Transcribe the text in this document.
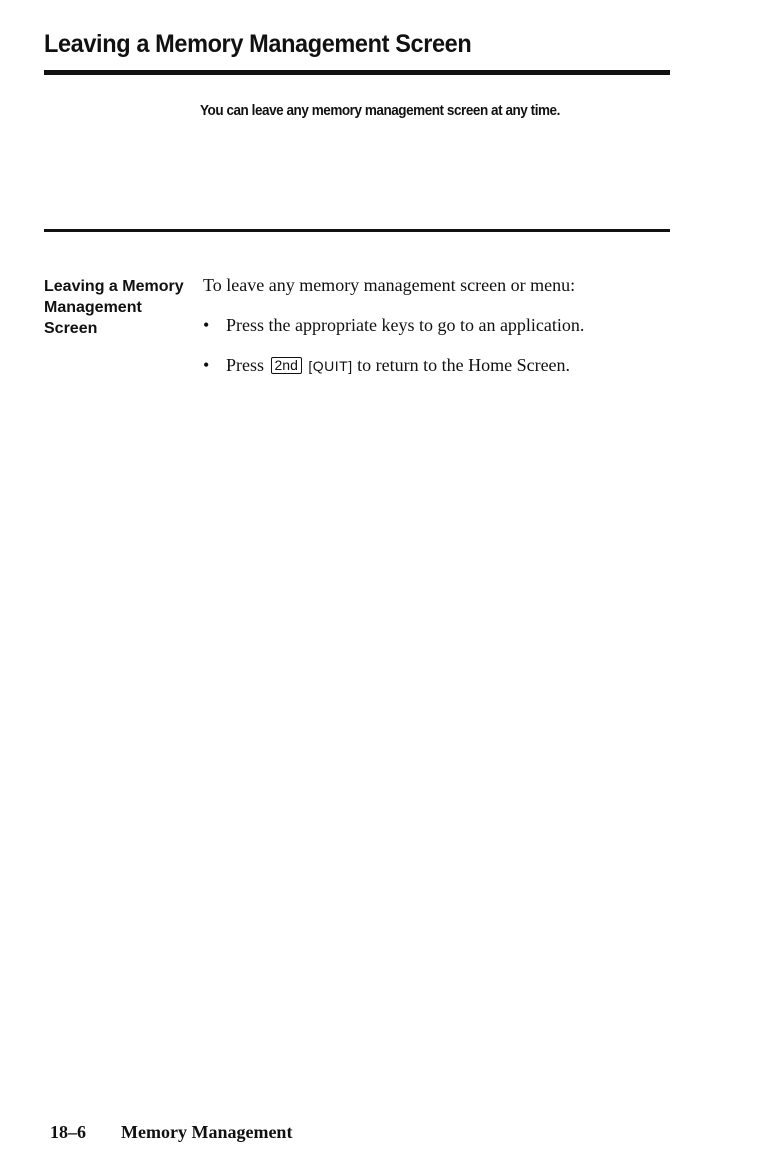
Leaving a Memory Management Screen

You can leave any memory management screen at any time.

Leaving a Memory
Management
Screen

To leave any memory management screen or menu:

• Press the appropriate keys to go to an application.
• Press 2nd [QUIT] to return to the Home Screen.
18–6 Memory Management
